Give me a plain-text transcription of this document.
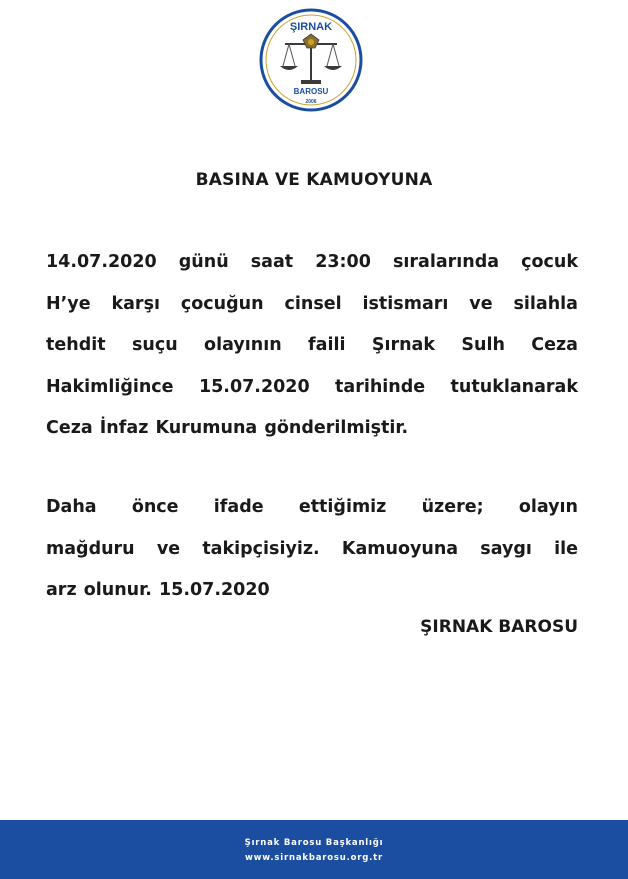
ŞIRNAK
BAROSU
2006
BASINA VE KAMUOYUNA
14.07.2020 günü saat 23:00 sıralarında çocuk
H’ye karşı çocuğun cinsel istismarı ve silahla
tehdit suçu olayının faili Şırnak Sulh Ceza
Hakimliğince 15.07.2020 tarihinde tutuklanarak
Ceza İnfaz Kurumuna gönderilmiştir.
Daha önce ifade ettiğimiz üzere; olayın
mağduru ve takipçisiyiz. Kamuoyuna saygı ile
arz olunur. 15.07.2020
ŞIRNAK BAROSU
Şırnak Barosu Başkanlığı
www.sirnakbarosu.org.tr
